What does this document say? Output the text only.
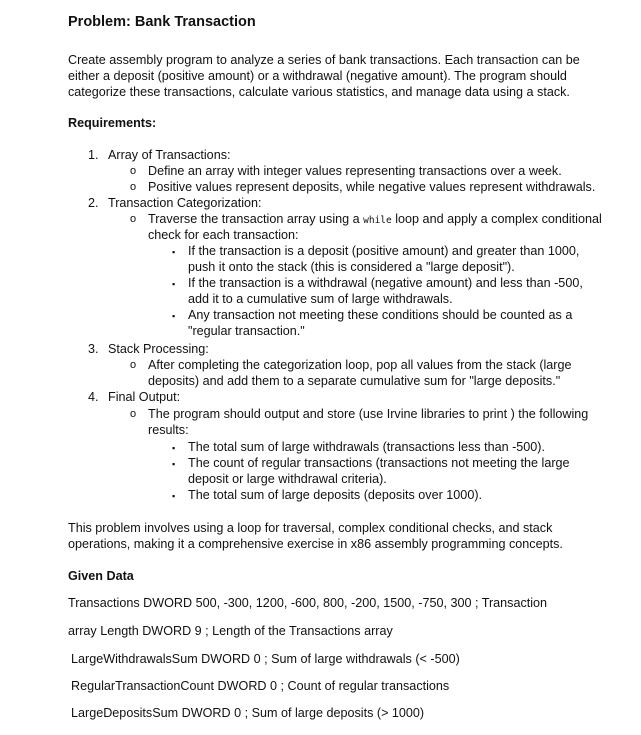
Problem: Bank Transaction
Create assembly program to analyze a series of bank transactions. Each transaction can be
either a deposit (positive amount) or a withdrawal (negative amount). The program should
categorize these transactions, calculate various statistics, and manage data using a stack.
Requirements:
1. Array of Transactions:
o Define an array with integer values representing transactions over a week.
o Positive values represent deposits, while negative values represent withdrawals.
2. Transaction Categorization:
o Traverse the transaction array using a while loop and apply a complex conditional
check for each transaction:
▪ If the transaction is a deposit (positive amount) and greater than 1000,
push it onto the stack (this is considered a "large deposit").
▪ If the transaction is a withdrawal (negative amount) and less than -500,
add it to a cumulative sum of large withdrawals.
▪ Any transaction not meeting these conditions should be counted as a
"regular transaction."
3. Stack Processing:
o After completing the categorization loop, pop all values from the stack (large
deposits) and add them to a separate cumulative sum for "large deposits."
4. Final Output:
o The program should output and store (use Irvine libraries to print ) the following
results:
▪ The total sum of large withdrawals (transactions less than -500).
▪ The count of regular transactions (transactions not meeting the large
deposit or large withdrawal criteria).
▪ The total sum of large deposits (deposits over 1000).
This problem involves using a loop for traversal, complex conditional checks, and stack
operations, making it a comprehensive exercise in x86 assembly programming concepts.
Given Data
Transactions DWORD 500, -300, 1200, -600, 800, -200, 1500, -750, 300 ; Transaction
array Length DWORD 9 ; Length of the Transactions array
LargeWithdrawalsSum DWORD 0 ; Sum of large withdrawals (< -500)
RegularTransactionCount DWORD 0 ; Count of regular transactions
LargeDepositsSum DWORD 0 ; Sum of large deposits (> 1000)
